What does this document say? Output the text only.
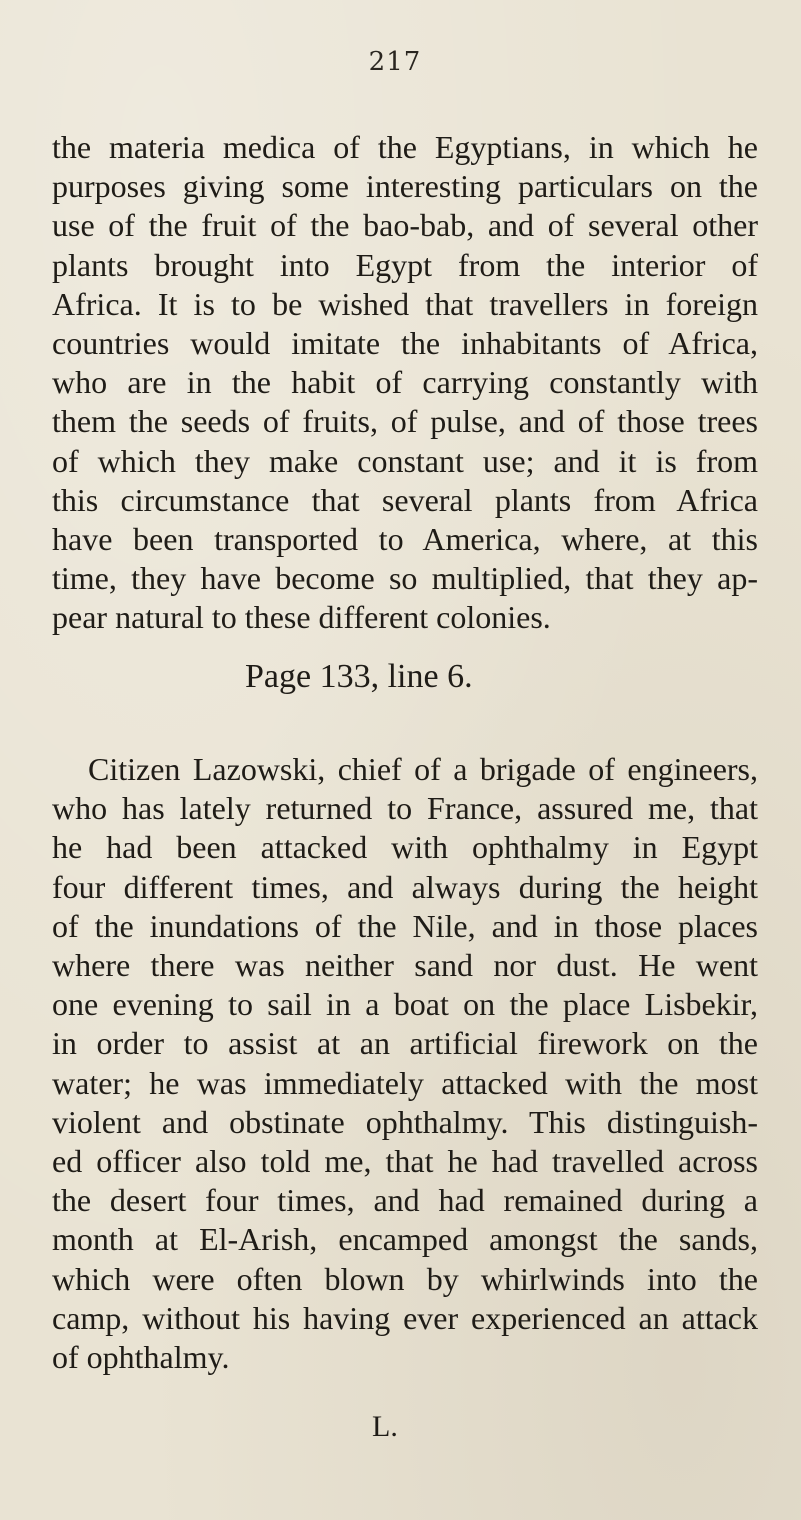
217
the materia medica of the Egyptians, in which he
purposes giving some interesting particulars on the
use of the fruit of the bao-bab, and of several other
plants brought into Egypt from the interior of
Africa. It is to be wished that travellers in foreign
countries would imitate the inhabitants of Africa,
who are in the habit of carrying constantly with
them the seeds of fruits, of pulse, and of those trees
of which they make constant use; and it is from
this circumstance that several plants from Africa
have been transported to America, where, at this
time, they have become so multiplied, that they ap-
pear natural to these different colonies.
Page 133, line 6.
Citizen Lazowski, chief of a brigade of engineers,
who has lately returned to France, assured me, that
he had been attacked with ophthalmy in Egypt
four different times, and always during the height
of the inundations of the Nile, and in those places
where there was neither sand nor dust. He went
one evening to sail in a boat on the place Lisbekir,
in order to assist at an artificial firework on the
water; he was immediately attacked with the most
violent and obstinate ophthalmy. This distinguish-
ed officer also told me, that he had travelled across
the desert four times, and had remained during a
month at El-Arish, encamped amongst the sands,
which were often blown by whirlwinds into the
camp, without his having ever experienced an attack
of ophthalmy.
L.
